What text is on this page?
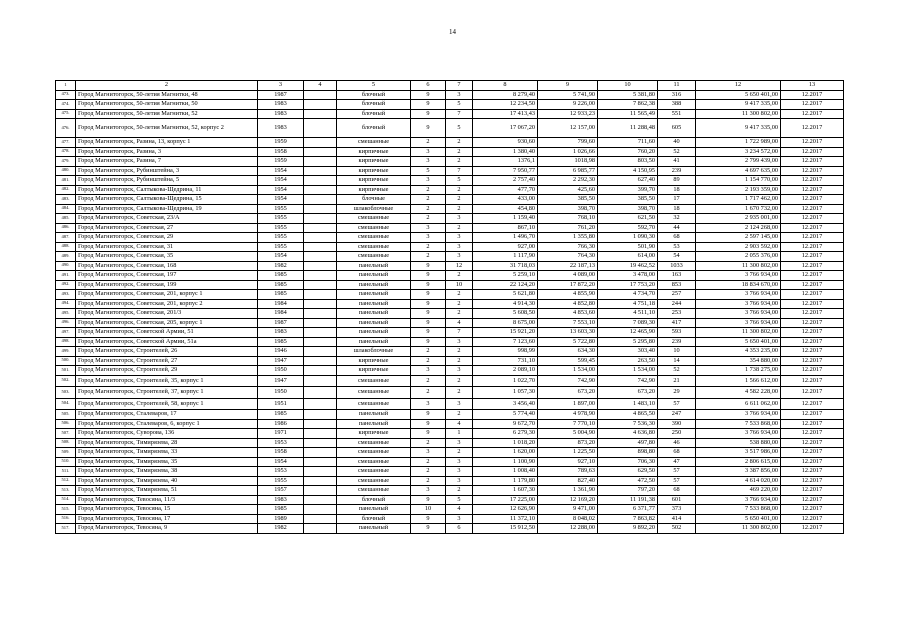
14
1	2	3	4	5	6	7	8	9	10	11	12	13
473.	Город Магнитогорск, 50-летия Магнитки, 48	1987		блочный	9	3	8 279,40	5 741,90	5 381,80	316	5 650 401,00	12.2017
474.	Город Магнитогорск, 50-летия Магнитки, 50	1983		блочный	9	5	12 234,50	9 226,00	7 862,38	388	9 417 335,00	12.2017
475.	Город Магнитогорск, 50-летия Магнитки, 52	1983		блочный	9	7	17 413,43	12 933,23	11 565,49	551	11 300 802,00	12.2017
476.	Город Магнитогорск, 50-летия Магнитки, 52, корпус 2	1983		блочный	9	5	17 067,20	12 157,00	11 288,48	605	9 417 335,00	12.2017
477.	Город Магнитогорск, Разина, 13, корпус 1	1959		смешанные	2	2	930,60	799,60	711,60	40	1 722 989,00	12.2017
478.	Город Магнитогорск, Разина, 3	1958		кирпичные	3	2	1 380,40	1 026,66	760,20	52	3 234 572,00	12.2017
479.	Город Магнитогорск, Разина, 7	1959		кирпичные	3	2	1376,1	1018,98	803,50	41	2 799 439,00	12.2017
480.	Город Магнитогорск, Рубинштейна, 3	1954		кирпичные	5	7	7 950,77	6 985,77	4 150,95	239	4 697 635,00	12.2017
481.	Город Магнитогорск, Рубинштейна, 5	1954		кирпичные	3	5	2 757,40	2 292,30	627,40	89	1 154 770,00	12.2017
482.	Город Магнитогорск, Салтыкова-Щедрина, 11	1954		кирпичные	2	2	477,70	425,60	399,70	18	2 193 359,00	12.2017
483.	Город Магнитогорск, Салтыкова-Щедрина, 15	1954		блочные	2	2	433,00	385,50	385,50	17	1 717 462,00	12.2017
484.	Город Магнитогорск, Салтыкова-Щедрина, 19	1955		шлакоблочные	2	2	454,80	398,70	398,70	18	1 670 732,00	12.2017
485.	Город Магнитогорск, Советская, 23/А	1955		смешанные	2	3	1 159,40	768,10	621,50	32	2 935 001,00	12.2017
486.	Город Магнитогорск, Советская, 27	1955		смешанные	3	2	867,10	761,20	592,70	44	2 124 268,00	12.2017
487.	Город Магнитогорск, Советская, 29	1955		смешанные	3	3	1 496,70	1 355,80	1 090,30	68	2 597 145,00	12.2017
488.	Город Магнитогорск, Советская, 31	1955		смешанные	2	3	927,00	766,30	501,90	53	2 903 592,00	12.2017
489.	Город Магнитогорск, Советская, 35	1954		смешанные	2	3	1 117,90	764,30	614,00	54	2 055 376,00	12.2017
490.	Город Магнитогорск, Советская, 168	1982		панельный	9	12	31 718,03	22 187,13	19 462,52	1033	11 300 802,00	12.2017
491.	Город Магнитогорск, Советская, 197	1985		панельный	9	2	5 259,10	4 089,00	3 478,00	163	3 766 934,00	12.2017
492.	Город Магнитогорск, Советская, 199	1985		панельный	9	10	22 124,20	17 872,20	17 753,20	853	18 834 670,00	12.2017
493.	Город Магнитогорск, Советская, 201, корпус 1	1985		панельный	9	2	5 621,80	4 855,90	4 734,70	257	3 766 934,00	12.2017
494.	Город Магнитогорск, Советская, 201, корпус 2	1984		панельный	9	2	4 914,30	4 852,80	4 751,18	244	3 766 934,00	12.2017
495.	Город Магнитогорск, Советская, 201/3	1984		панельный	9	2	5 608,50	4 853,60	4 511,10	253	3 766 934,00	12.2017
496.	Город Магнитогорск, Советская, 205, корпус 1	1987		панельный	9	4	8 675,00	7 553,10	7 089,30	417	3 766 934,00	12.2017
497.	Город Магнитогорск, Советской Армии, 51	1983		панельный	9	7	15 921,20	13 603,30	12 465,90	593	11 300 802,00	12.2017
498.	Город Магнитогорск, Советской Армии, 51а	1985		панельный	9	3	7 123,60	5 722,80	5 295,80	239	5 650 401,00	12.2017
499.	Город Магнитогорск, Строителей, 26	1946		шлакоблочные	2	2	998,99	634,30	303,40	10	4 353 235,00	12.2017
500.	Город Магнитогорск, Строителей, 27	1947		кирпичные	2	2	731,10	599,45	263,50	14	354 880,00	12.2017
501.	Город Магнитогорск, Строителей, 29	1950		кирпичные	3	3	2 089,10	1 534,00	1 534,00	52	1 738 275,00	12.2017
502.	Город Магнитогорск, Строителей, 35, корпус 1	1947		смешанные	2	2	1 022,70	742,90	742,90	21	1 566 612,00	12.2017
503.	Город Магнитогорск, Строителей, 37, корпус 1	1950		смешанные	2	2	1 057,30	673,20	673,20	29	4 582 228,00	12.2017
504.	Город Магнитогорск, Строителей, 58, корпус 1	1951		смешанные	3	3	3 456,40	1 897,00	1 483,10	57	6 611 062,00	12.2017
505.	Город Магнитогорск, Сталеваров, 17	1985		панельный	9	2	5 774,40	4 978,90	4 865,50	247	3 766 934,00	12.2017
506.	Город Магнитогорск, Сталеваров, 6, корпус 1	1986		панельный	9	4	9 672,70	7 770,10	7 536,30	390	7 533 868,00	12.2017
507.	Город Магнитогорск, Суворова, 136	1971		кирпичные	9	1	6 279,30	5 004,90	4 636,80	250	3 766 934,00	12.2017
508.	Город Магнитогорск, Тимирязева, 28	1953		смешанные	2	3	1 018,20	873,20	497,80	46	538 880,00	12.2017
509.	Город Магнитогорск, Тимирязева, 33	1958		смешанные	3	2	1 620,00	1 225,50	898,80	68	3 517 986,00	12.2017
510.	Город Магнитогорск, Тимирязева, 35	1954		смешанные	2	3	1 100,90	927,10	706,30	47	2 806 615,00	12.2017
511.	Город Магнитогорск, Тимирязева, 38	1953		смешанные	2	3	1 008,40	789,63	629,50	57	3 387 856,00	12.2017
512.	Город Магнитогорск, Тимирязева, 40	1955		смешанные	2	3	1 179,80	827,40	472,50	57	4 614 020,00	12.2017
513.	Город Магнитогорск, Тимирязева, 51	1957		смешанные	3	2	1 607,30	1 361,90	797,20	68	469 220,00	12.2017
514.	Город Магнитогорск, Тевосяна, 11/3	1983		блочный	9	5	17 225,00	12 169,20	11 191,38	601	3 766 934,00	12.2017
515.	Город Магнитогорск, Тевосяна, 15	1985		панельный	10	4	12 626,90	9 471,00	6 371,77	373	7 533 868,00	12.2017
516.	Город Магнитогорск, Тевосяна, 17	1989		блочный	9	3	11 372,10	8 048,02	7 863,82	414	5 650 401,00	12.2017
517.	Город Магнитогорск, Тевосяна, 9	1982		панельный	9	6	15 912,50	12 288,00	9 892,20	502	11 300 802,00	12.2017
